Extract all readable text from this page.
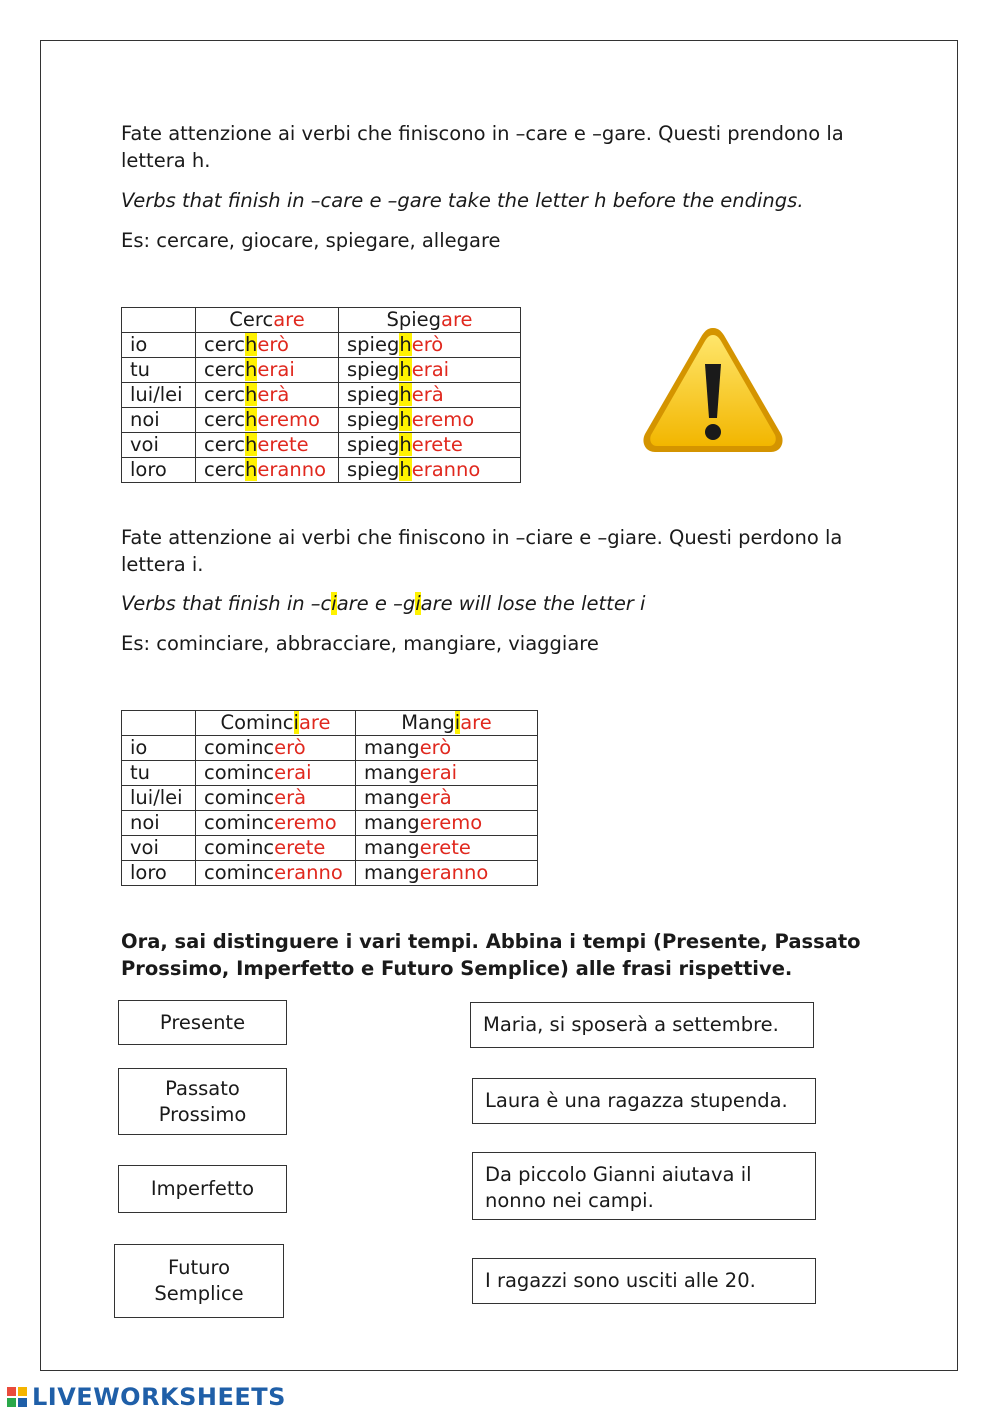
Fate attenzione ai verbi che finiscono in –care e –gare. Questi prendono la lettera h.

Verbs that finish in –care e –gare take the letter h before the endings.

Es: cercare, giocare, spiegare, allegare

	Cercare	Spiegare
io	cercherò	spiegherò
tu	cercherai	spiegherai
lui/lei	cercherà	spiegherà
noi	cercheremo	spiegheremo
voi	cercherete	spiegherete
loro	cercheranno	spiegheranno

Fate attenzione ai verbi che finiscono in –ciare e –giare. Questi perdono la lettera i.

Verbs that finish in –ciare e –giare will lose the letter i

Es: cominciare, abbracciare, mangiare, viaggiare

	Cominciare	Mangiare
io	comincerò	mangerò
tu	comincerai	mangerai
lui/lei	comincerà	mangerà
noi	cominceremo	mangeremo
voi	comincerete	mangerete
loro	cominceranno	mangeranno

Ora, sai distinguere i vari tempi. Abbina i tempi (Presente, Passato Prossimo, Imperfetto e Futuro Semplice) alle frasi rispettive.

Presente
Passato Prossimo
Imperfetto
Futuro Semplice
Maria, si sposerà a settembre.
Laura è una ragazza stupenda.
Da piccolo Gianni aiutava il nonno nei campi.
I ragazzi sono usciti alle 20.
LIVEWORKSHEETS
